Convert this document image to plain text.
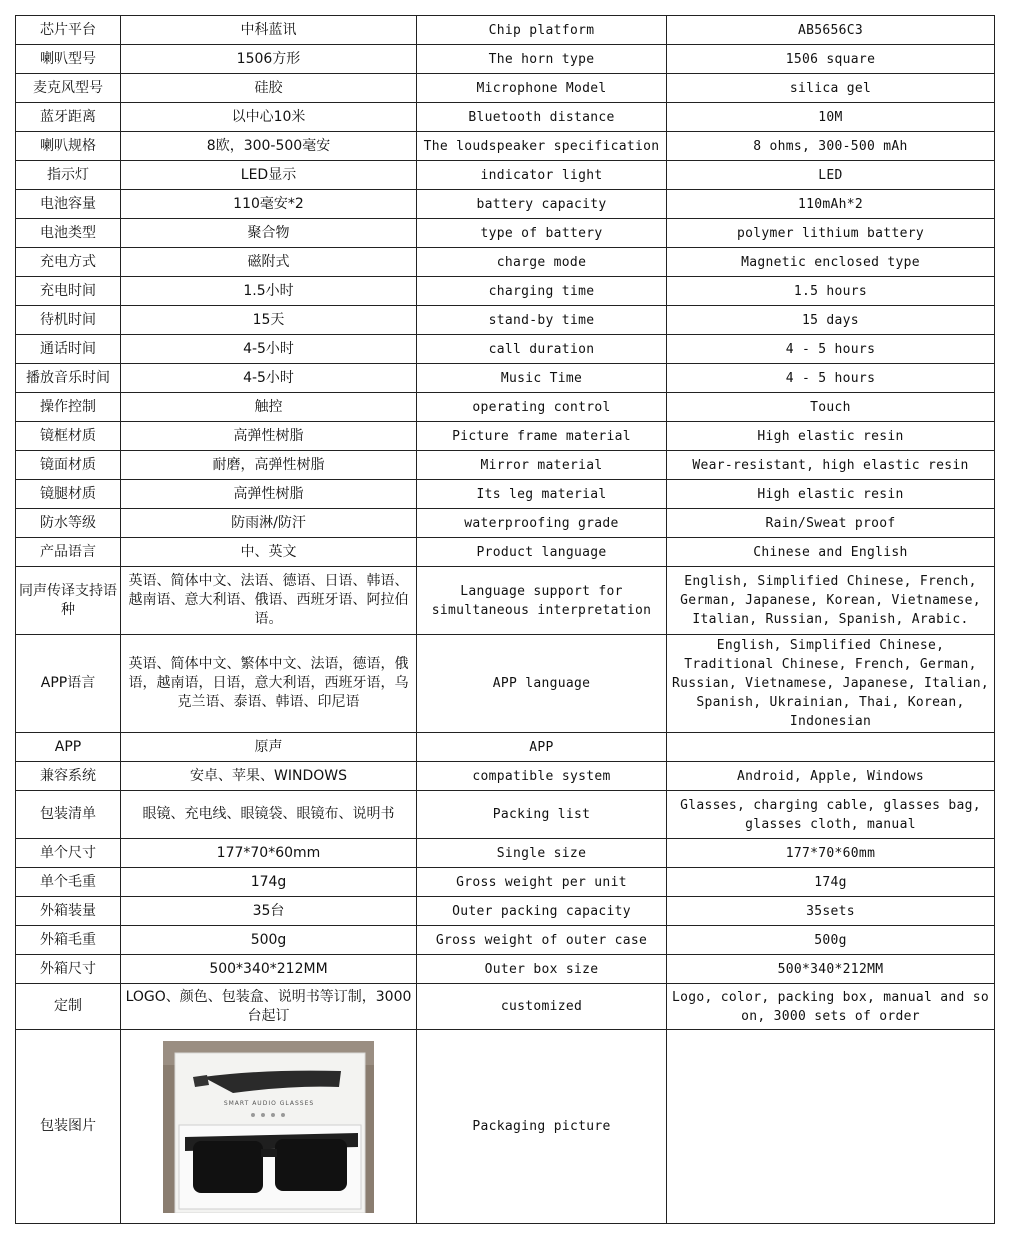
芯片平台	中科蓝讯	Chip platform	AB5656C3
喇叭型号	1506方形	The horn type	1506 square
麦克风型号	硅胶	Microphone Model	silica gel
蓝牙距离	以中心10米	Bluetooth distance	10M
喇叭规格	8欧，300-500毫安	The loudspeaker specification	8 ohms, 300-500 mAh
指示灯	LED显示	indicator light	LED
电池容量	110毫安*2	battery capacity	110mAh*2
电池类型	聚合物	type of battery	polymer lithium battery
充电方式	磁附式	charge mode	Magnetic enclosed type
充电时间	1.5小时	charging time	1.5 hours
待机时间	15天	stand-by time	15 days
通话时间	4-5小时	call duration	4 - 5 hours
播放音乐时间	4-5小时	Music Time	4 - 5 hours
操作控制	触控	operating control	Touch
镜框材质	高弹性树脂	Picture frame material	High elastic resin
镜面材质	耐磨，高弹性树脂	Mirror material	Wear-resistant, high elastic resin
镜腿材质	高弹性树脂	Its leg material	High elastic resin
防水等级	防雨淋/防汗	waterproofing grade	Rain/Sweat proof
产品语言	中、英文	Product language	Chinese and English
同声传译支持语种	英语、简体中文、法语、德语、日语、韩语、越南语、意大利语、俄语、西班牙语、阿拉伯语。	Language support for simultaneous interpretation	English, Simplified Chinese, French, German, Japanese, Korean, Vietnamese, Italian, Russian, Spanish, Arabic.
APP语言	英语、简体中文、繁体中文、法语，德语，俄语，越南语，日语，意大利语，西班牙语，乌克兰语、泰语、韩语、印尼语	APP language	English, Simplified Chinese, Traditional Chinese, French, German, Russian, Vietnamese, Japanese, Italian, Spanish, Ukrainian, Thai, Korean, Indonesian
APP	原声	APP	
兼容系统	安卓、苹果、WINDOWS	compatible system	Android, Apple, Windows
包装清单	眼镜、充电线、眼镜袋、眼镜布、说明书	Packing list	Glasses, charging cable, glasses bag, glasses cloth, manual
单个尺寸	177*70*60mm	Single size	177*70*60mm
单个毛重	174g	Gross weight per unit	174g
外箱装量	35台	Outer packing capacity	35sets
外箱毛重	500g	Gross weight of outer case	500g
外箱尺寸	500*340*212MM	Outer box size	500*340*212MM
定制	LOGO、颜色、包装盒、说明书等订制，3000台起订	customized	Logo, color, packing box, manual and so on, 3000 sets of order
包装图片	SMART AUDIO GLASSES	Packaging picture	
